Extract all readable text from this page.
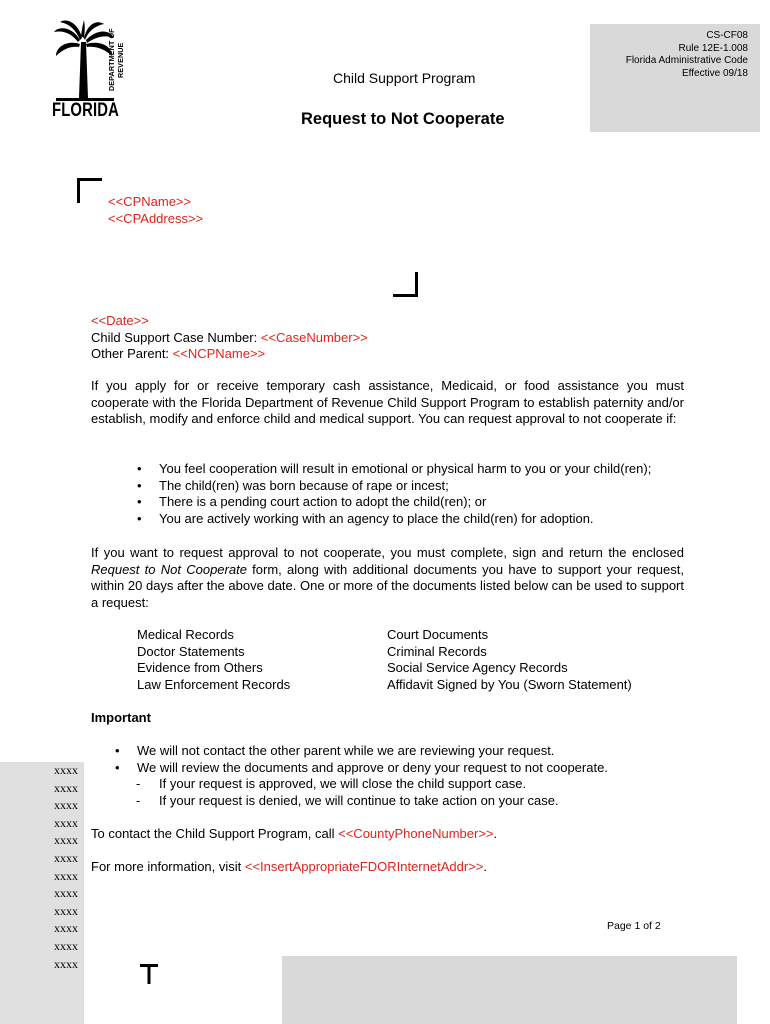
DEPARTMENT OF REVENUE
FLORIDA
CS-CF08
Rule 12E-1.008
Florida Administrative Code
Effective 09/18
Child Support Program
Request to Not Cooperate
<<CPName>>
<<CPAddress>>
<<Date>>
Child Support Case Number: <<CaseNumber>>
Other Parent: <<NCPName>>
If you apply for or receive temporary cash assistance, Medicaid, or food assistance you must cooperate with the Florida Department of Revenue Child Support Program to establish paternity and/or establish, modify and enforce child and medical support. You can request approval to not cooperate if:
• You feel cooperation will result in emotional or physical harm to you or your child(ren);
• The child(ren) was born because of rape or incest;
• There is a pending court action to adopt the child(ren); or
• You are actively working with an agency to place the child(ren) for adoption.
If you want to request approval to not cooperate, you must complete, sign and return the enclosed Request to Not Cooperate form, along with additional documents you have to support your request, within 20 days after the above date. One or more of the documents listed below can be used to support a request:
Medical Records
Doctor Statements
Evidence from Others
Law Enforcement Records
Court Documents
Criminal Records
Social Service Agency Records
Affidavit Signed by You (Sworn Statement)
Important
xxxx
xxxx
xxxx
xxxx
xxxx
xxxx
xxxx
xxxx
xxxx
xxxx
xxxx
xxxx
• We will not contact the other parent while we are reviewing your request.
• We will review the documents and approve or deny your request to not cooperate.
- If your request is approved, we will close the child support case.
- If your request is denied, we will continue to take action on your case.
To contact the Child Support Program, call <<CountyPhoneNumber>>.
For more information, visit <<InsertAppropriateFDORInternetAddr>>.
Page 1 of 2
